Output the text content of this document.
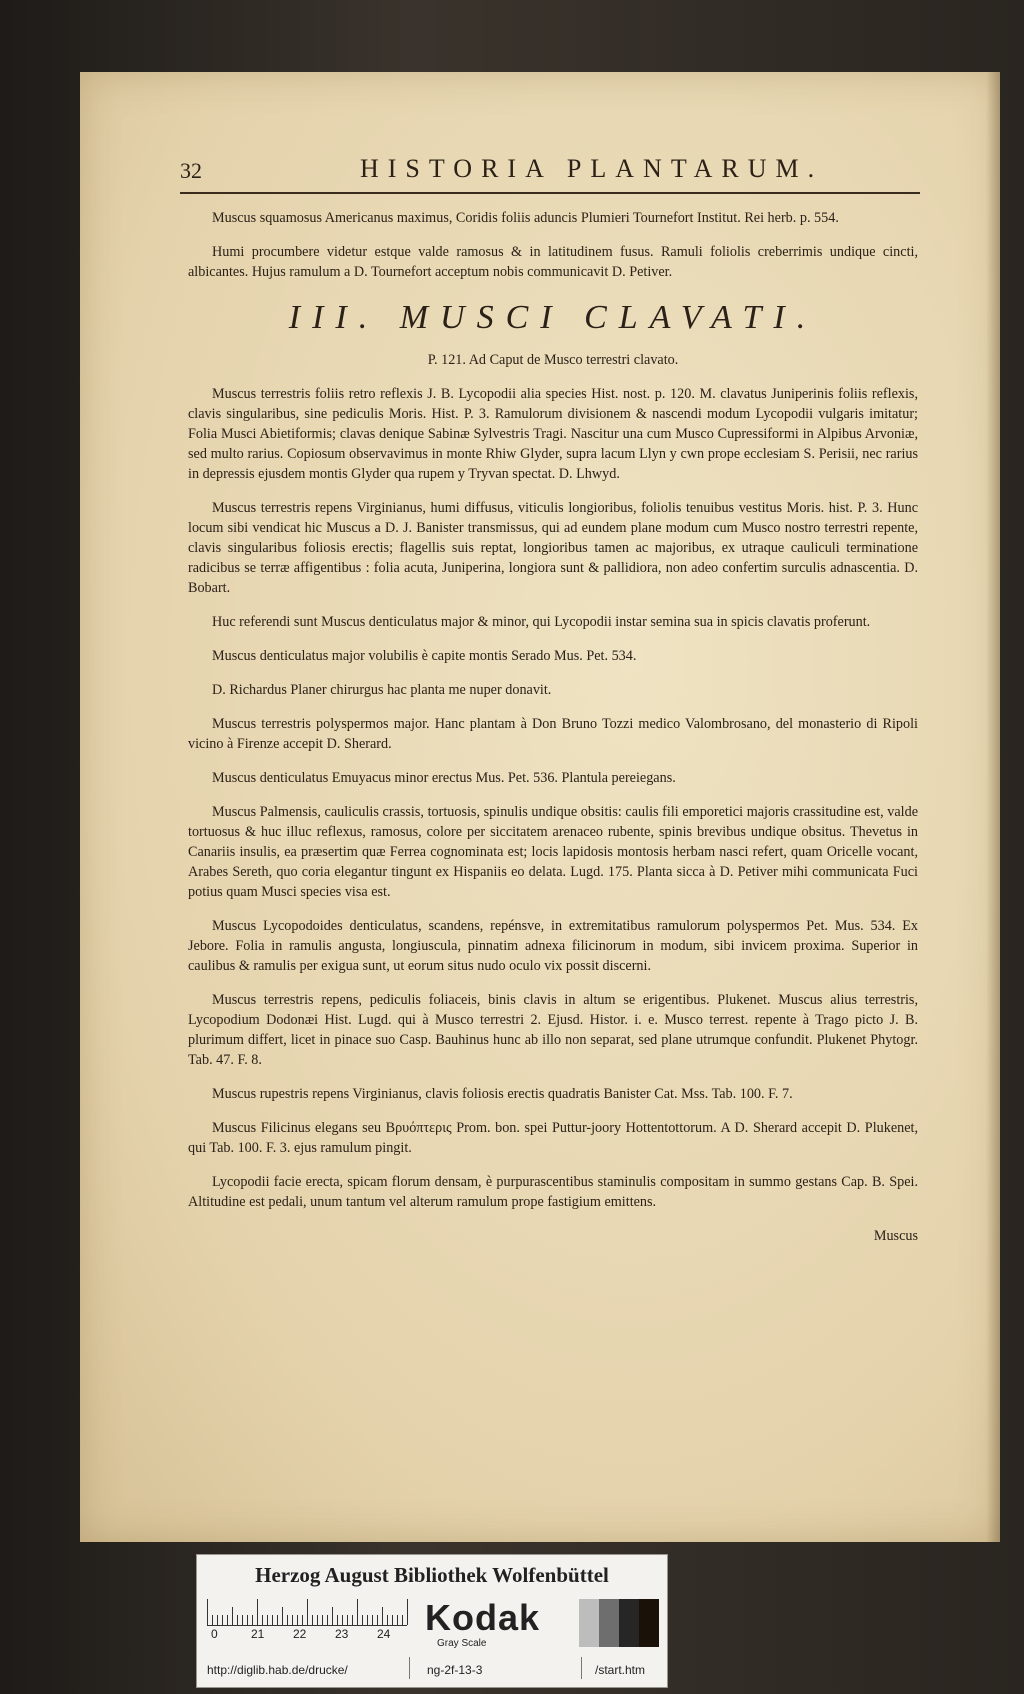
32	HISTORIA PLANTARUM.

Muscus squamosus Americanus maximus, Coridis foliis aduncis Plumieri Tournefort Institut. Rei herb. p. 554.

Humi procumbere videtur estque valde ramosus & in latitudinem fusus. Ramuli foliolis creberrimis undique cincti, albicantes. Hujus ramulum a D. Tournefort acceptum nobis communicavit D. Petiver.

III. MUSCI CLAVATI.

P. 121. Ad Caput de Musco terrestri clavato.

Muscus terrestris foliis retro reflexis J. B. Lycopodii alia species Hist. nost. p. 120. M. clavatus Juniperinis foliis reflexis, clavis singularibus, sine pediculis Moris. Hist. P. 3. Ramulorum divisionem & nascendi modum Lycopodii vulgaris imitatur; Folia Musci Abietiformis; clavas denique Sabinæ Sylvestris Tragi. Nascitur una cum Musco Cupressiformi in Alpibus Arvoniæ, sed multo rarius. Copiosum observavimus in monte Rhiw Glyder, supra lacum Llyn y cwn prope ecclesiam S. Perisii, nec rarius in depressis ejusdem montis Glyder qua rupem y Tryvan spectat. D. Lhwyd.

Muscus terrestris repens Virginianus, humi diffusus, viticulis longioribus, foliolis tenuibus vestitus Moris. hist. P. 3. Hunc locum sibi vendicat hic Muscus a D. J. Banister transmissus, qui ad eundem plane modum cum Musco nostro terrestri repente, clavis singularibus foliosis erectis; flagellis suis reptat, longioribus tamen ac majoribus, ex utraque cauliculi terminatione radicibus se terræ affigentibus : folia acuta, Juniperina, longiora sunt & pallidiora, non adeo confertim surculis adnascentia. D. Bobart.

Huc referendi sunt Muscus denticulatus major & minor, qui Lycopodii instar semina sua in spicis clavatis proferunt.

Muscus denticulatus major volubilis è capite montis Serado Mus. Pet. 534.

D. Richardus Planer chirurgus hac planta me nuper donavit.

Muscus terrestris polyspermos major. Hanc plantam à Don Bruno Tozzi medico Valombrosano, del monasterio di Ripoli vicino à Firenze accepit D. Sherard.

Muscus denticulatus Emuyacus minor erectus Mus. Pet. 536. Plantula pereiegans.

Muscus Palmensis, cauliculis crassis, tortuosis, spinulis undique obsitis: caulis fili emporetici majoris crassitudine est, valde tortuosus & huc illuc reflexus, ramosus, colore per siccitatem arenaceo rubente, spinis brevibus undique obsitus. Thevetus in Canariis insulis, ea præsertim quæ Ferrea cognominata est; locis lapidosis montosis herbam nasci refert, quam Oricelle vocant, Arabes Sereth, quo coria elegantur tingunt ex Hispaniis eo delata. Lugd. 175. Planta sicca à D. Petiver mihi communicata Fuci potius quam Musci species visa est.

Muscus Lycopodoides denticulatus, scandens, repénsve, in extremitatibus ramulorum polyspermos Pet. Mus. 534. Ex Jebore. Folia in ramulis angusta, longiuscula, pinnatim adnexa filicinorum in modum, sibi invicem proxima. Superior in caulibus & ramulis per exigua sunt, ut eorum situs nudo oculo vix possit discerni.

Muscus terrestris repens, pediculis foliaceis, binis clavis in altum se erigentibus. Plukenet. Muscus alius terrestris, Lycopodium Dodonæi Hist. Lugd. qui à Musco terrestri 2. Ejusd. Histor. i. e. Musco terrest. repente à Trago picto J. B. plurimum differt, licet in pinace suo Casp. Bauhinus hunc ab illo non separat, sed plane utrumque confundit. Plukenet Phytogr. Tab. 47. F. 8.

Muscus rupestris repens Virginianus, clavis foliosis erectis quadratis Banister Cat. Mss. Tab. 100. F. 7.

Muscus Filicinus elegans seu Βρυόπτερις Prom. bon. spei Puttur-joory Hottentottorum. A D. Sherard accepit D. Plukenet, qui Tab. 100. F. 3. ejus ramulum pingit.

Lycopodii facie erecta, spicam florum densam, è purpurascentibus staminulis compositam in summo gestans Cap. B. Spei. Altitudine est pedali, unum tantum vel alterum ramulum prope fastigium emittens.

Muscus

Herzog August Bibliothek Wolfenbüttel
0	21 22 23 24 Kodak
Gray Scale
http://diglib.hab.de/drucke/	ng-2f-13-3	/start.htm
